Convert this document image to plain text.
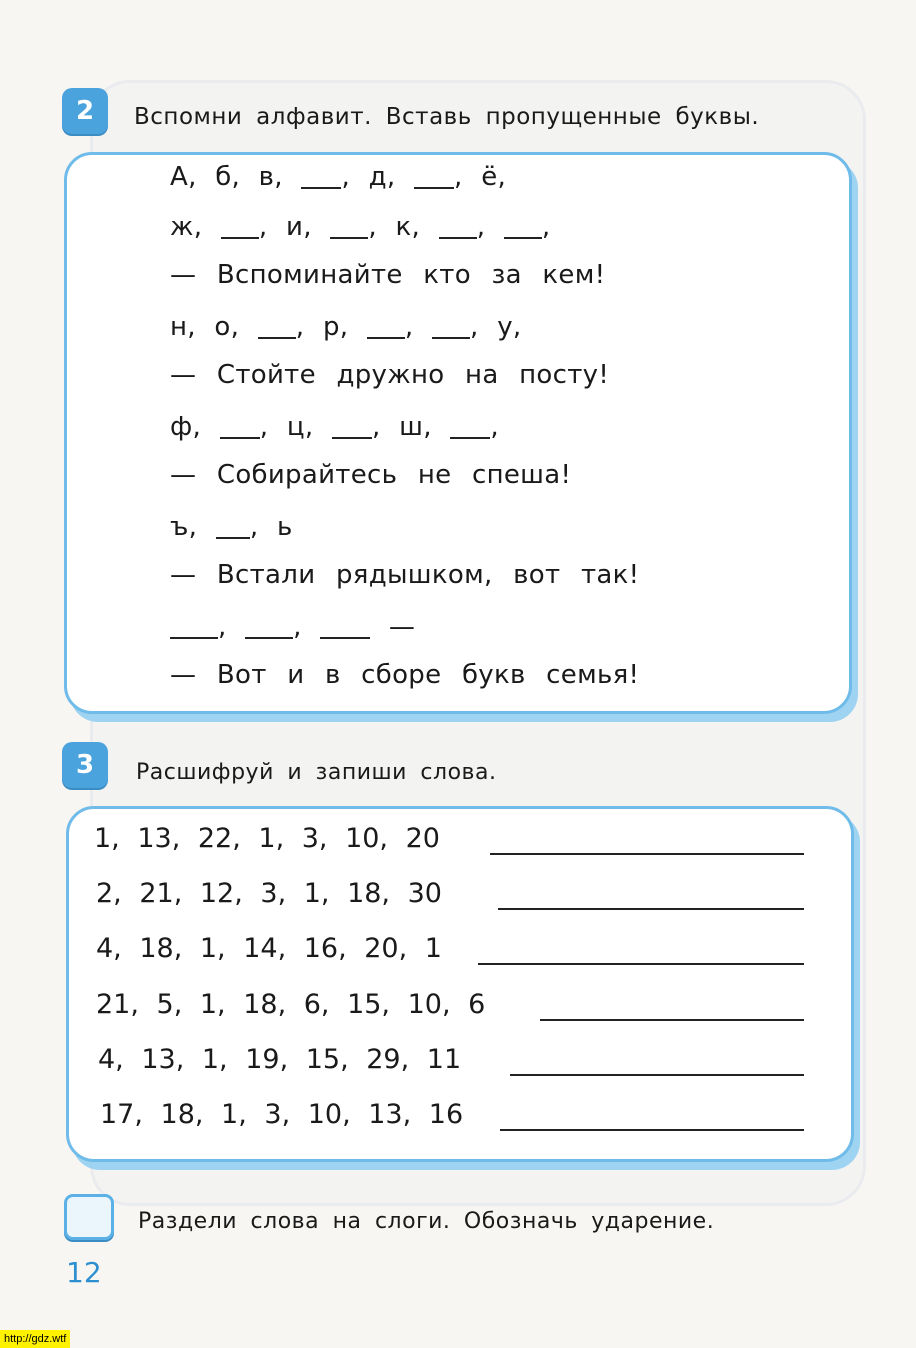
2 Вспомни алфавит. Вставь пропущенные буквы.
А, б, в, , д, , ё,
ж, , и, , к, , ,
— Вспоминайте кто за кем!
н, о, , р, , , у,
— Стойте дружно на посту!
ф, , ц, , ш, ,
— Собирайтесь не спеша!
ъ, , ь
— Встали рядышком, вот так!
,	,	—
— Вот и в сборе букв семья!
3 Расшифруй и запиши слова.
1, 13, 22, 1, 3, 10, 20
2, 21, 12, 3, 1, 18, 30
4, 18, 1, 14, 16, 20, 1
21, 5, 1, 18, 6, 15, 10, 6
4, 13, 1, 19, 15, 29, 11
17, 18, 1, 3, 10, 13, 16
Раздели слова на слоги. Обозначь ударение.
12
http://gdz.wtf
